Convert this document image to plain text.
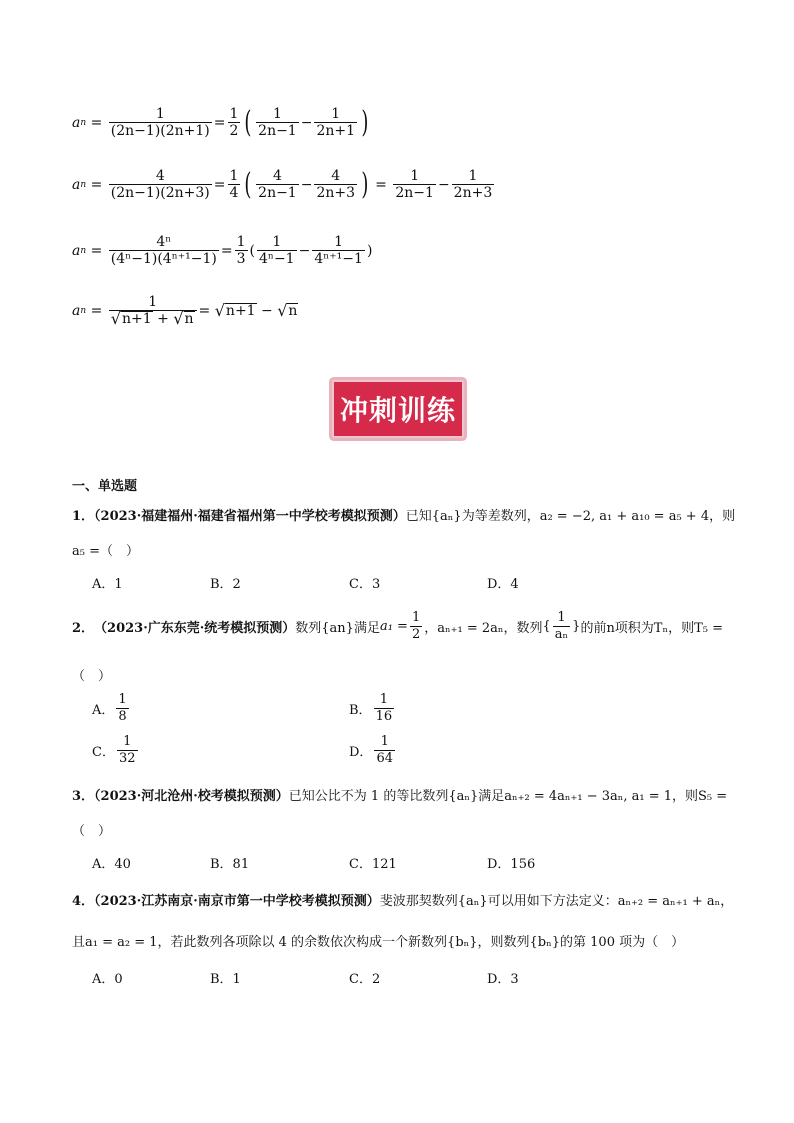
a $n = \frac{1}{(2n-1)(2n+1)} = \frac{1}{2}$ ( $\frac{1}{2n-1} - \frac{1}{2n+1}$ )
a $n = \frac{4}{(2n-1)(2n+3)} = \frac{1}{4}$ ( $\frac{4}{2n-1} - \frac{4}{2n+3}$ ) = $\frac{1}{2n-1} - \frac{1}{2n+3}$
a $n = \frac{\text{4ⁿ}}{\text{(4ⁿ−1)(4ⁿ⁺¹−1)}} = \frac{1}{3}$ ( $\frac{1}{\text{4ⁿ−1}} - \frac{1}{\text{4ⁿ⁺¹−1}}$ )
a $n = \frac{1}{√ n+1 + √ n}$ = √ n+1 − √ n
冲刺训练
一、单选题
1．（2023·福建福州·福建省福州第一中学校考模拟预测）已知{aₙ}为等差数列，a₂ = −2, a₁ + a₁₀ = a₅ + 4，则
a₅ =（　）
A．1	B．2	C．3	D．4
2． （2023·广东东莞·统考模拟预测） 数列{an}满足 $a_1 = \frac{1}{2}$ ，aₙ₊₁ = 2aₙ，数列 { $\frac{1}{\text{aₙ}}$ } 的前n项积为Tₙ，则T₅ =
（　）
A． $\frac{1}{8}$	B． $\frac{1}{16}$
C． $\frac{1}{32}$	D． $\frac{1}{64}$
3．（2023·河北沧州·校考模拟预测）已知公比不为 1 的等比数列{aₙ}满足aₙ₊₂ = 4aₙ₊₁ − 3aₙ, a₁ = 1，则S₅ =
（　）
A．40	B．81	C．121	D．156
4．（2023·江苏南京·南京市第一中学校考模拟预测）斐波那契数列{aₙ}可以用如下方法定义：aₙ₊₂ = aₙ₊₁ + aₙ，
且a₁ = a₂ = 1，若此数列各项除以 4 的余数依次构成一个新数列{bₙ}，则数列{bₙ}的第 100 项为（　）
A．0	B．1	C．2	D．3
